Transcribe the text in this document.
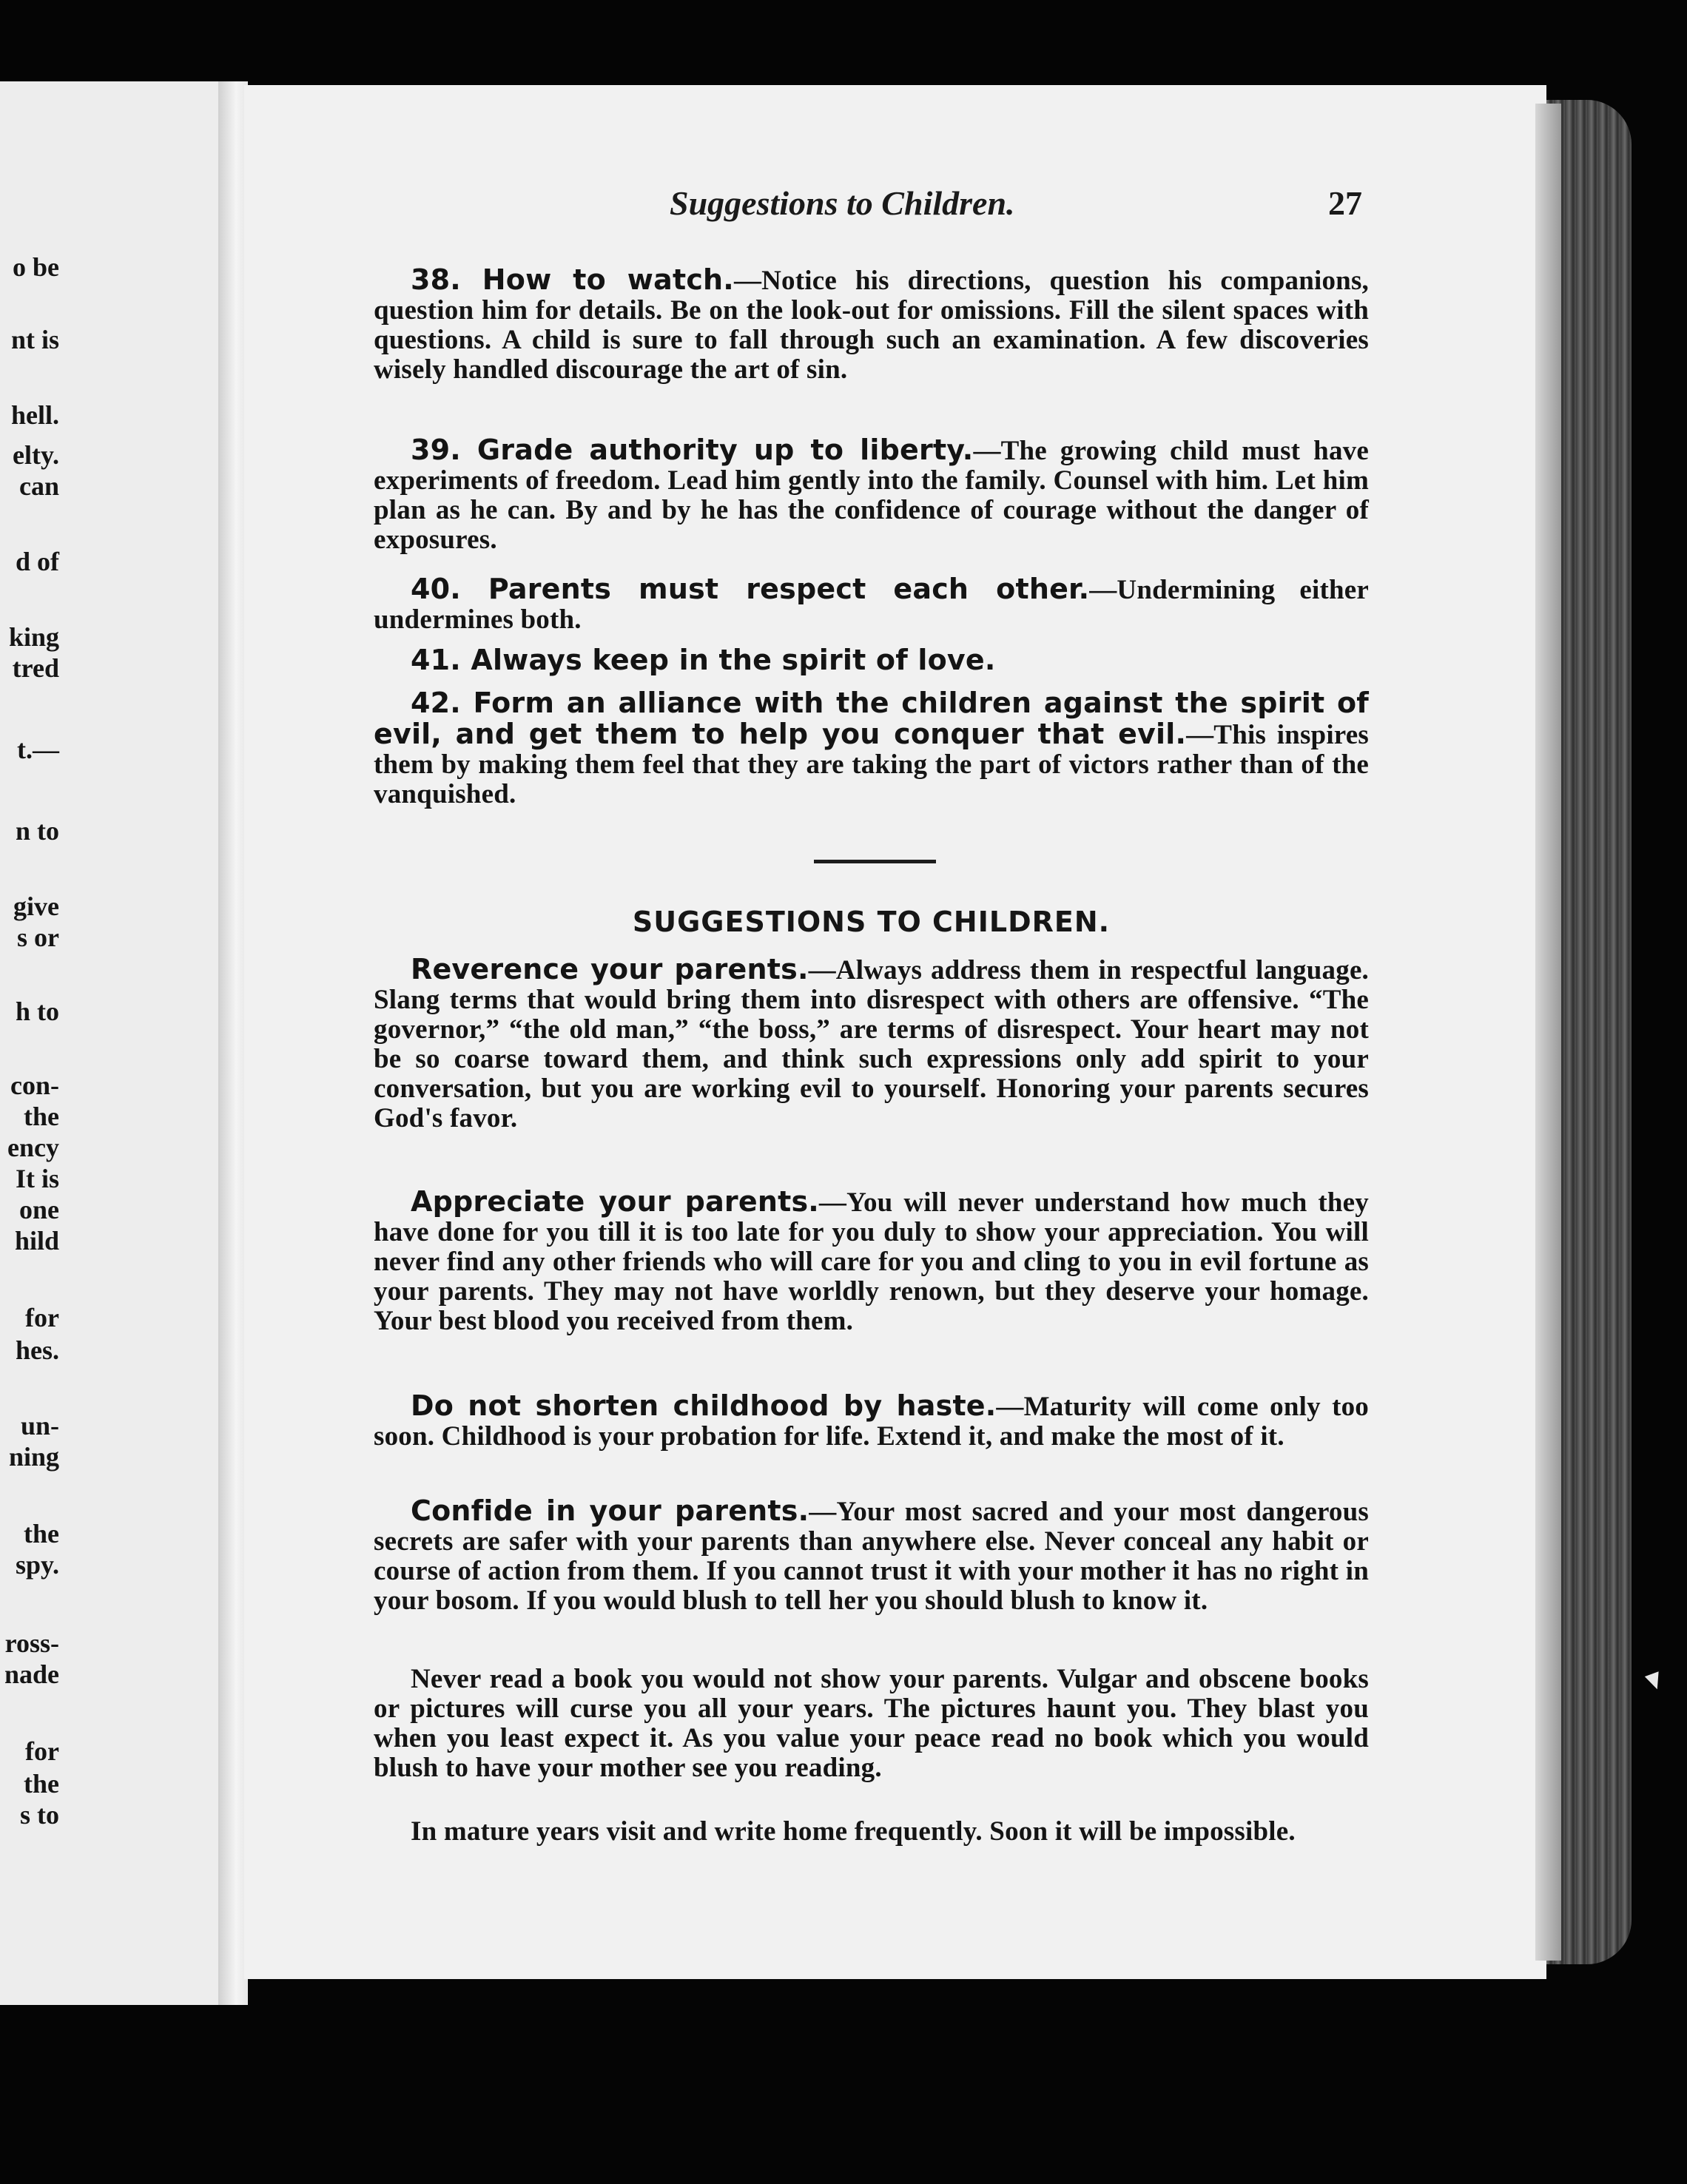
o be
nt is
hell.
elty.
can
d of
king
tred
t.—
n to
give
s or
h to
con-
the
ency
It is
one
hild
for
hes.
un-
ning
the
spy.
ross-
nade
for
the
s to
Suggestions to Children.	27
38. How to watch.—Notice his directions, question his companions, question him for details. Be on the look-out for omissions. Fill the silent spaces with questions. A child is sure to fall through such an examination. A few discoveries wisely handled discourage the art of sin.
39. Grade authority up to liberty.—The growing child must have experiments of freedom. Lead him gently into the family. Counsel with him. Let him plan as he can. By and by he has the confidence of courage without the danger of exposures.
40. Parents must respect each other.—Undermining either undermines both.
41. Always keep in the spirit of love.
42. Form an alliance with the children against the spirit of evil, and get them to help you conquer that evil.—This inspires them by making them feel that they are taking the part of victors rather than of the vanquished.
SUGGESTIONS TO CHILDREN.
Reverence your parents.—Always address them in respectful language. Slang terms that would bring them into disrespect with others are offensive. “The governor,” “the old man,” “the boss,” are terms of disrespect. Your heart may not be so coarse toward them, and think such expressions only add spirit to your conversation, but you are working evil to yourself. Honoring your parents secures God's favor.
Appreciate your parents.—You will never understand how much they have done for you till it is too late for you duly to show your appreciation. You will never find any other friends who will care for you and cling to you in evil fortune as your parents. They may not have worldly renown, but they deserve your homage. Your best blood you received from them.
Do not shorten childhood by haste.—Maturity will come only too soon. Childhood is your probation for life. Extend it, and make the most of it.
Confide in your parents.—Your most sacred and your most dangerous secrets are safer with your parents than anywhere else. Never conceal any habit or course of action from them. If you cannot trust it with your mother it has no right in your bosom. If you would blush to tell her you should blush to know it.
Never read a book you would not show your parents. Vulgar and obscene books or pictures will curse you all your years. The pictures haunt you. They blast you when you least expect it. As you value your peace read no book which you would blush to have your mother see you reading.
In mature years visit and write home frequently. Soon it will be impossible.
